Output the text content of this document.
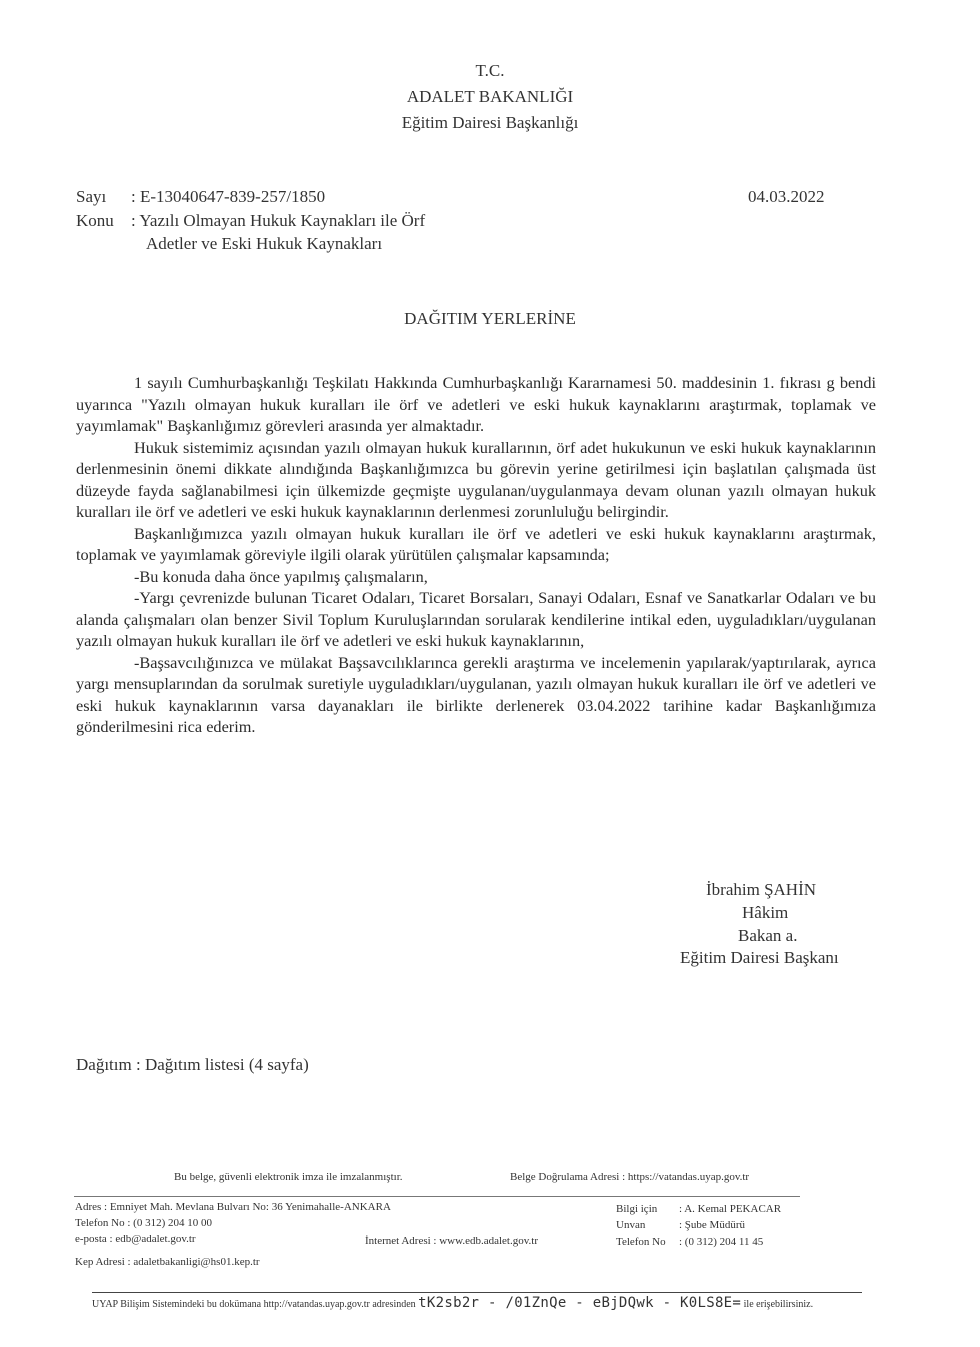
T.C.
ADALET BAKANLIĞI
Eğitim Dairesi Başkanlığı
Sayı : E-13040647-839-257/1850	04.03.2022
Konu : Yazılı Olmayan Hukuk Kaynakları ile Örf
Adetler ve Eski Hukuk Kaynakları
DAĞITIM YERLERİNE

1 sayılı Cumhurbaşkanlığı Teşkilatı Hakkında Cumhurbaşkanlığı Kararnamesi 50. maddesinin 1. fıkrası g bendi uyarınca "Yazılı olmayan hukuk kuralları ile örf ve adetleri ve eski hukuk kaynaklarını araştırmak, toplamak ve yayımlamak" Başkanlığımız görevleri arasında yer almaktadır.

Hukuk sistemimiz açısından yazılı olmayan hukuk kurallarının, örf adet hukukunun ve eski hukuk kaynaklarının derlenmesinin önemi dikkate alındığında Başkanlığımızca bu görevin yerine getirilmesi için başlatılan çalışmada üst düzeyde fayda sağlanabilmesi için ülkemizde geçmişte uygulanan/uygulanmaya devam olunan yazılı olmayan hukuk kuralları ile örf ve adetleri ve eski hukuk kaynaklarının derlenmesi zorunluluğu belirgindir.

Başkanlığımızca yazılı olmayan hukuk kuralları ile örf ve adetleri ve eski hukuk kaynaklarını araştırmak, toplamak ve yayımlamak göreviyle ilgili olarak yürütülen çalışmalar kapsamında;

-Bu konuda daha önce yapılmış çalışmaların,

-Yargı çevrenizde bulunan Ticaret Odaları, Ticaret Borsaları, Sanayi Odaları, Esnaf ve Sanatkarlar Odaları ve bu alanda çalışmaları olan benzer Sivil Toplum Kuruluşlarından sorularak kendilerine intikal eden, uyguladıkları/uygulanan yazılı olmayan hukuk kuralları ile örf ve adetleri ve eski hukuk kaynaklarının,

-Başsavcılığınızca ve mülakat Başsavcılıklarınca gerekli araştırma ve incelemenin yapılarak/yaptırılarak, ayrıca yargı mensuplarından da sorulmak suretiyle uyguladıkları/uygulanan, yazılı olmayan hukuk kuralları ile örf ve adetleri ve eski hukuk kaynaklarının varsa dayanakları ile birlikte derlenerek 03.04.2022 tarihine kadar Başkanlığımıza gönderilmesini rica ederim.

İbrahim ŞAHİN
Hâkim
Bakan a.
Eğitim Dairesi Başkanı
Dağıtım : Dağıtım listesi (4 sayfa)
Bu belge, güvenli elektronik imza ile imzalanmıştır.	Belge Doğrulama Adresi : https://vatandas.uyap.gov.tr
Adres : Emniyet Mah. Mevlana Bulvarı No: 36 Yenimahalle-ANKARA
Telefon No : (0 312) 204 10 00
e-posta : edb@adalet.gov.tr	İnternet Adresi : www.edb.adalet.gov.tr
Kep Adresi : adaletbakanligi@hs01.kep.tr
Bilgi için : A. Kemal PEKACAR
Unvan	: Şube Müdürü
Telefon No : (0 312) 204 11 45
UYAP Bilişim Sistemindeki bu dokümana http://vatandas.uyap.gov.tr adresinden tK2sb2r - /01ZnQe - eBjDQwk - K0LS8E= ile erişebilirsiniz.
